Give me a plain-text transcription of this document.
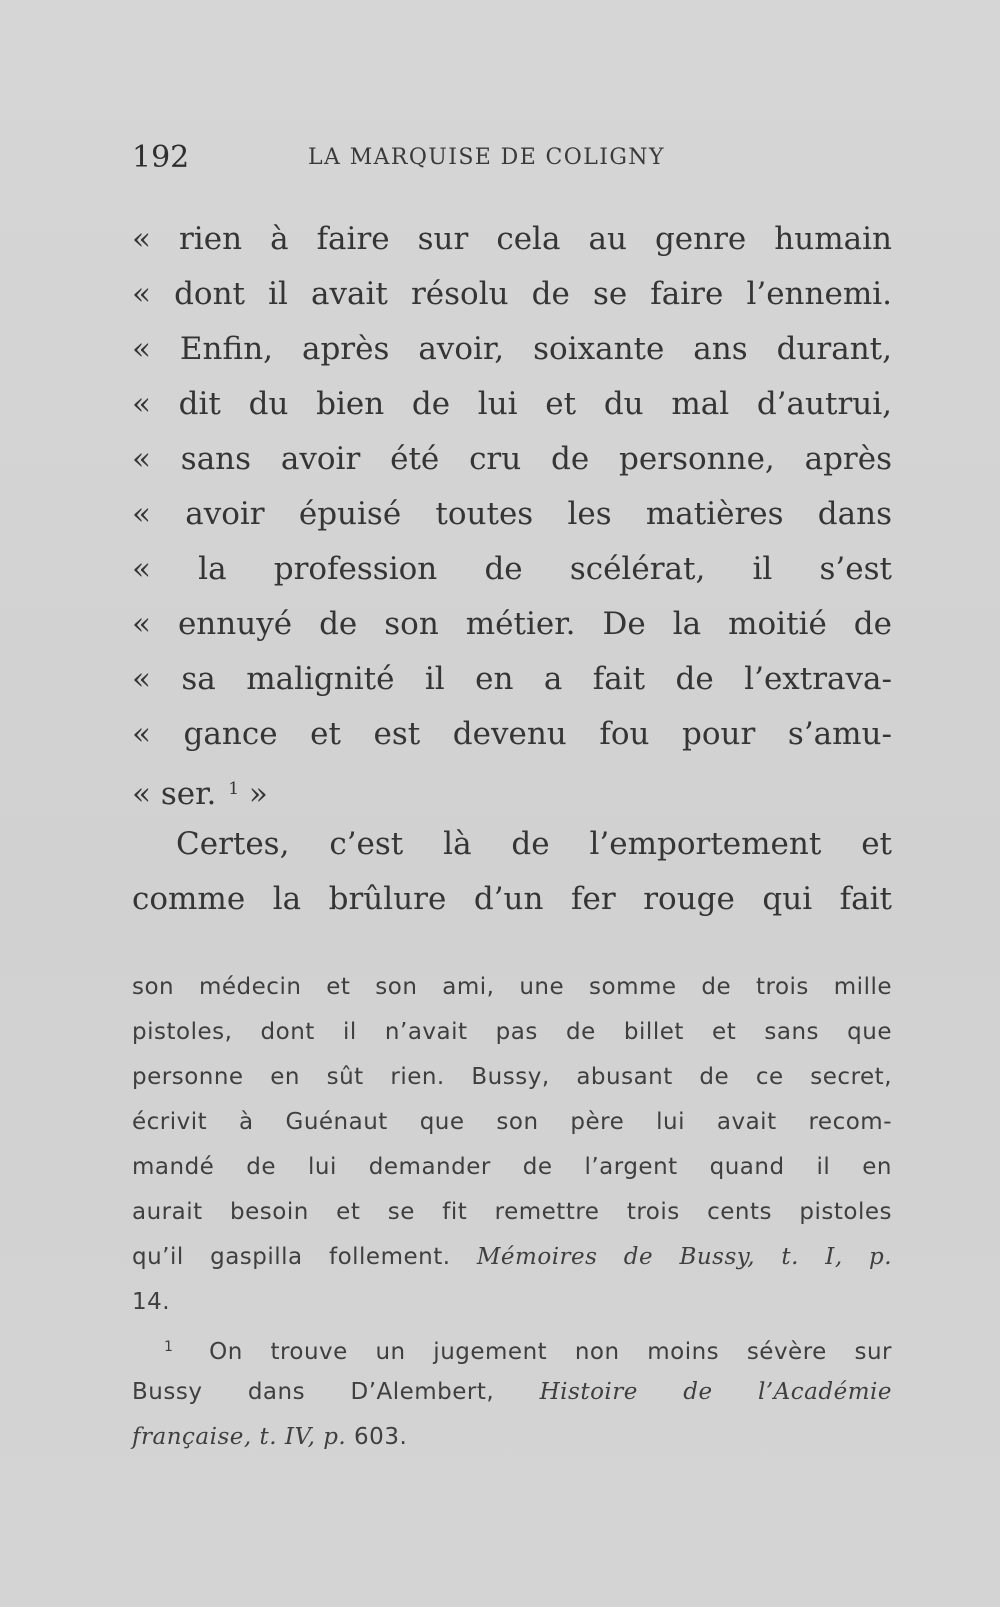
192	LA MARQUISE DE COLIGNY
« rien à faire sur cela au genre humain
« dont il avait résolu de se faire l’ennemi.
« Enfin, après avoir, soixante ans durant,
« dit du bien de lui et du mal d’autrui,
« sans avoir été cru de personne, après
« avoir épuisé toutes les matières dans
« la profession de scélérat, il s’est
« ennuyé de son métier. De la moitié de
« sa malignité il en a fait de l’extrava-
« gance et est devenu fou pour s’amu-
« ser. $^1$ »
Certes, c’est là de l’emportement et
comme la brûlure d’un fer rouge qui fait
son médecin et son ami, une somme de trois mille
pistoles, dont il n’avait pas de billet et sans que
personne en sût rien. Bussy, abusant de ce secret,
écrivit à Guénaut que son père lui avait recom-
mandé de lui demander de l’argent quand il en
aurait besoin et se fit remettre trois cents pistoles
qu’il gaspilla follement. Mémoires de Bussy, t. I, p.
14.
$^1$ On trouve un jugement non moins sévère sur
Bussy dans D’Alembert, Histoire de l’Académie
française, t. IV, p. 603.
